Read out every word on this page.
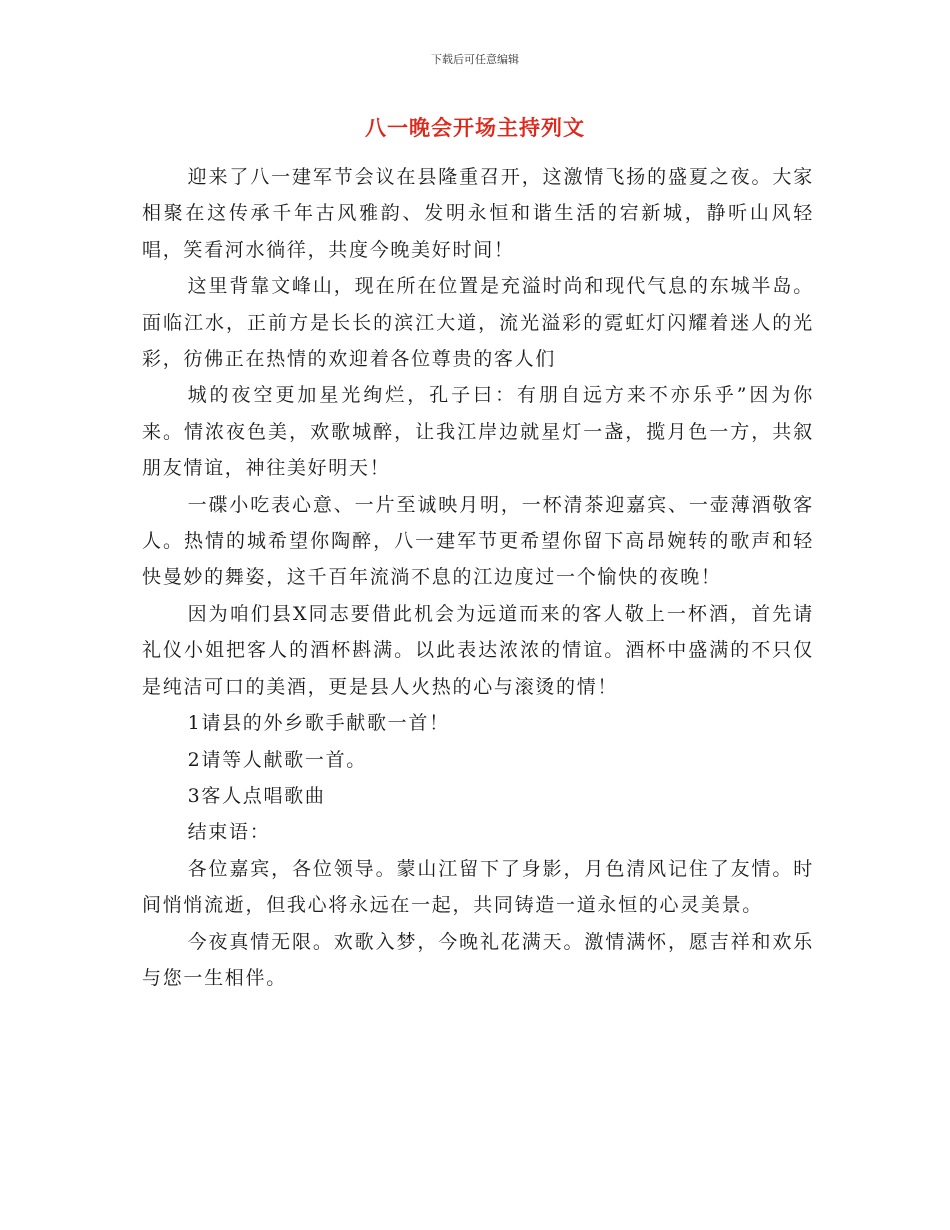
下载后可任意编辑
八一晚会开场主持列文

迎来了八一建军节会议在县隆重召开，这激情飞扬的盛夏之夜。大家相聚在这传承千年古风雅韵、发明永恒和谐生活的宕新城，静听山风轻唱，笑看河水徜徉，共度今晚美好时间！

这里背靠文峰山，现在所在位置是充溢时尚和现代气息的东城半岛。面临江水，正前方是长长的滨江大道，流光溢彩的霓虹灯闪耀着迷人的光彩，彷佛正在热情的欢迎着各位尊贵的客人们

城的夜空更加星光绚烂，孔子曰：有朋自远方来不亦乐乎”因为你来。情浓夜色美，欢歌城醉，让我江岸边就星灯一盏，揽月色一方，共叙朋友情谊，神往美好明天！

一碟小吃表心意、一片至诚映月明，一杯清茶迎嘉宾、一壶薄酒敬客人。热情的城希望你陶醉，八一建军节更希望你留下高昂婉转的歌声和轻快曼妙的舞姿，这千百年流淌不息的江边度过一个愉快的夜晚！

因为咱们县X同志要借此机会为远道而来的客人敬上一杯酒，首先请礼仪小姐把客人的酒杯斟满。以此表达浓浓的情谊。酒杯中盛满的不只仅是纯洁可口的美酒，更是县人火热的心与滚烫的情！

1请县的外乡歌手献歌一首！

2请等人献歌一首。

3客人点唱歌曲

结束语：

各位嘉宾，各位领导。蒙山江留下了身影，月色清风记住了友情。时间悄悄流逝，但我心将永远在一起，共同铸造一道永恒的心灵美景。

今夜真情无限。欢歌入梦，今晚礼花满天。激情满怀，愿吉祥和欢乐与您一生相伴。
